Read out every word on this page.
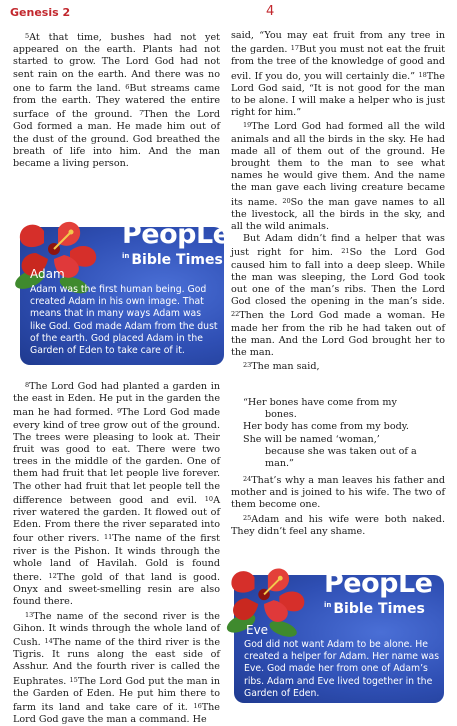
Genesis 2	4

$^5$At that time, bushes had not yet appeared on the earth. Plants had not started to grow. The Lord God had not sent rain on the earth. And there was no one to farm the land. $^6$But streams came from the earth. They watered the entire surface of the ground. $^7$Then the Lord God formed a man. He made him out of the dust of the ground. God breathed the breath of life into him. And the man became a living person.

PeopLe
$^{in}$ Bible Times
Adam
Adam was the first human being. God created Adam in his own image. That means that in many ways Adam was like God. God made Adam from the dust of the earth. God placed Adam in the Garden of Eden to take care of it.

$^8$The Lord God had planted a garden in the east in Eden. He put in the garden the man he had formed. $^9$The Lord God made every kind of tree grow out of the ground. The trees were pleasing to look at. Their fruit was good to eat. There were two trees in the middle of the garden. One of them had fruit that let people live forever. The other had fruit that let people tell the difference between good and evil. $^{10}$A river watered the garden. It flowed out of Eden. From there the river separated into four other rivers. $^{11}$The name of the first river is the Pishon. It winds through the whole land of Havilah. Gold is found there. $^{12}$The gold of that land is good. Onyx and sweet-smelling resin are also found there.

$^{13}$The name of the second river is the Gihon. It winds through the whole land of Cush. $^{14}$The name of the third river is the Tigris. It runs along the east side of Asshur. And the fourth river is called the Euphrates. $^{15}$The Lord God put the man in the Garden of Eden. He put him there to farm its land and take care of it. $^{16}$The Lord God gave the man a command. He

said, “You may eat fruit from any tree in the garden. $^{17}$But you must not eat the fruit from the tree of the knowledge of good and evil. If you do, you will certainly die.” $^{18}$The Lord God said, “It is not good for the man to be alone. I will make a helper who is just right for him.”

$^{19}$The Lord God had formed all the wild animals and all the birds in the sky. He had made all of them out of the ground. He brought them to the man to see what names he would give them. And the name the man gave each living creature became its name. $^{20}$So the man gave names to all the livestock, all the birds in the sky, and all the wild animals.

But Adam didn’t find a helper that was just right for him. $^{21}$So the Lord God caused him to fall into a deep sleep. While the man was sleeping, the Lord God took out one of the man’s ribs. Then the Lord God closed the opening in the man’s side. $^{22}$Then the Lord God made a woman. He made her from the rib he had taken out of the man. And the Lord God brought her to the man.

$^{23}$The man said,

“Her bones have come from my

bones.

Her body has come from my body.

She will be named ‘woman,’

because she was taken out of a

man.”

$^{24}$That’s why a man leaves his father and mother and is joined to his wife. The two of them become one.

$^{25}$Adam and his wife were both naked. They didn’t feel any shame.

PeopLe
$^{in}$ Bible Times
Eve
God did not want Adam to be alone. He created a helper for Adam. Her name was Eve. God made her from one of Adam’s ribs. Adam and Eve lived together in the Garden of Eden.
